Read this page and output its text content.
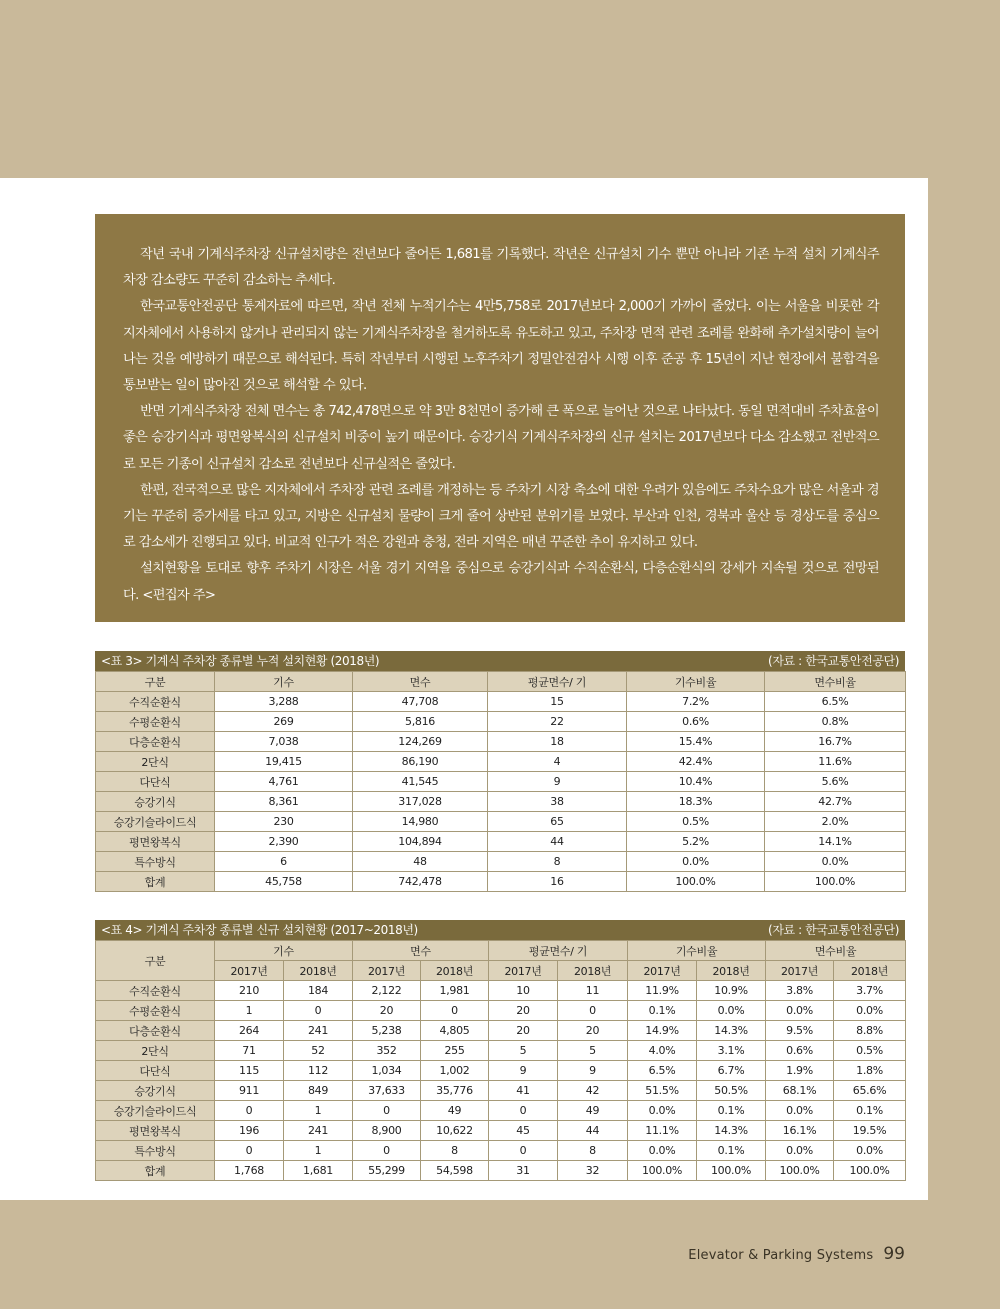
작년 국내 기계식주차장 신규설치량은 전년보다 줄어든 1,681를 기록했다. 작년은 신규설치 기수 뿐만 아니라 기존 누적 설치 기계식주차장 감소량도 꾸준히 감소하는 추세다.

한국교통안전공단 통계자료에 따르면, 작년 전체 누적기수는 4만5,758로 2017년보다 2,000기 가까이 줄었다. 이는 서울을 비롯한 각 지자체에서 사용하지 않거나 관리되지 않는 기계식주차장을 철거하도록 유도하고 있고, 주차장 면적 관련 조례를 완화해 추가설치량이 늘어나는 것을 예방하기 때문으로 해석된다. 특히 작년부터 시행된 노후주차기 정밀안전검사 시행 이후 준공 후 15년이 지난 현장에서 불합격을 통보받는 일이 많아진 것으로 해석할 수 있다.

반면 기계식주차장 전체 면수는 총 742,478면으로 약 3만 8천면이 증가해 큰 폭으로 늘어난 것으로 나타났다. 동일 면적대비 주차효율이 좋은 승강기식과 평면왕복식의 신규설치 비중이 높기 때문이다. 승강기식 기계식주차장의 신규 설치는 2017년보다 다소 감소했고 전반적으로 모든 기종이 신규설치 감소로 전년보다 신규실적은 줄었다.

한편, 전국적으로 많은 지자체에서 주차장 관련 조례를 개정하는 등 주차기 시장 축소에 대한 우려가 있음에도 주차수요가 많은 서울과 경기는 꾸준히 증가세를 타고 있고, 지방은 신규설치 물량이 크게 줄어 상반된 분위기를 보였다. 부산과 인천, 경북과 울산 등 경상도를 중심으로 감소세가 진행되고 있다. 비교적 인구가 적은 강원과 충청, 전라 지역은 매년 꾸준한 추이 유지하고 있다.

설치현황을 토대로 향후 주차기 시장은 서울 경기 지역을 중심으로 승강기식과 수직순환식, 다층순환식의 강세가 지속될 것으로 전망된다. <편집자 주>

<표 3> 기계식 주차장 종류별 누적 설치현황 (2018년)	(자료 : 한국교통안전공단)
구분	기수	면수	평균면수/ 기	기수비율	면수비율
수직순환식	3,288	47,708	15	7.2%	6.5%
수평순환식	269	5,816	22	0.6%	0.8%
다층순환식	7,038	124,269	18	15.4%	16.7%
2단식	19,415	86,190	4	42.4%	11.6%
다단식	4,761	41,545	9	10.4%	5.6%
승강기식	8,361	317,028	38	18.3%	42.7%
승강기슬라이드식	230	14,980	65	0.5%	2.0%
평면왕복식	2,390	104,894	44	5.2%	14.1%
특수방식	6	48	8	0.0%	0.0%
합계	45,758	742,478	16	100.0%	100.0%
<표 4> 기계식 주차장 종류별 신규 설치현황 (2017~2018년)	(자료 : 한국교통안전공단)
구분	기수		면수		평균면수/ 기		기수비율		면수비율	
	2017년	2018년	2017년	2018년	2017년	2018년	2017년	2018년	2017년	2018년
수직순환식	210	184	2,122	1,981	10	11	11.9%	10.9%	3.8%	3.7%
수평순환식	1	0	20	0	20	0	0.1%	0.0%	0.0%	0.0%
다층순환식	264	241	5,238	4,805	20	20	14.9%	14.3%	9.5%	8.8%
2단식	71	52	352	255	5	5	4.0%	3.1%	0.6%	0.5%
다단식	115	112	1,034	1,002	9	9	6.5%	6.7%	1.9%	1.8%
승강기식	911	849	37,633	35,776	41	42	51.5%	50.5%	68.1%	65.6%
승강기슬라이드식	0	1	0	49	0	49	0.0%	0.1%	0.0%	0.1%
평면왕복식	196	241	8,900	10,622	45	44	11.1%	14.3%	16.1%	19.5%
특수방식	0	1	0	8	0	8	0.0%	0.1%	0.0%	0.0%
합계	1,768	1,681	55,299	54,598	31	32	100.0%	100.0%	100.0%	100.0%
Elevator & Parking Systems 99
